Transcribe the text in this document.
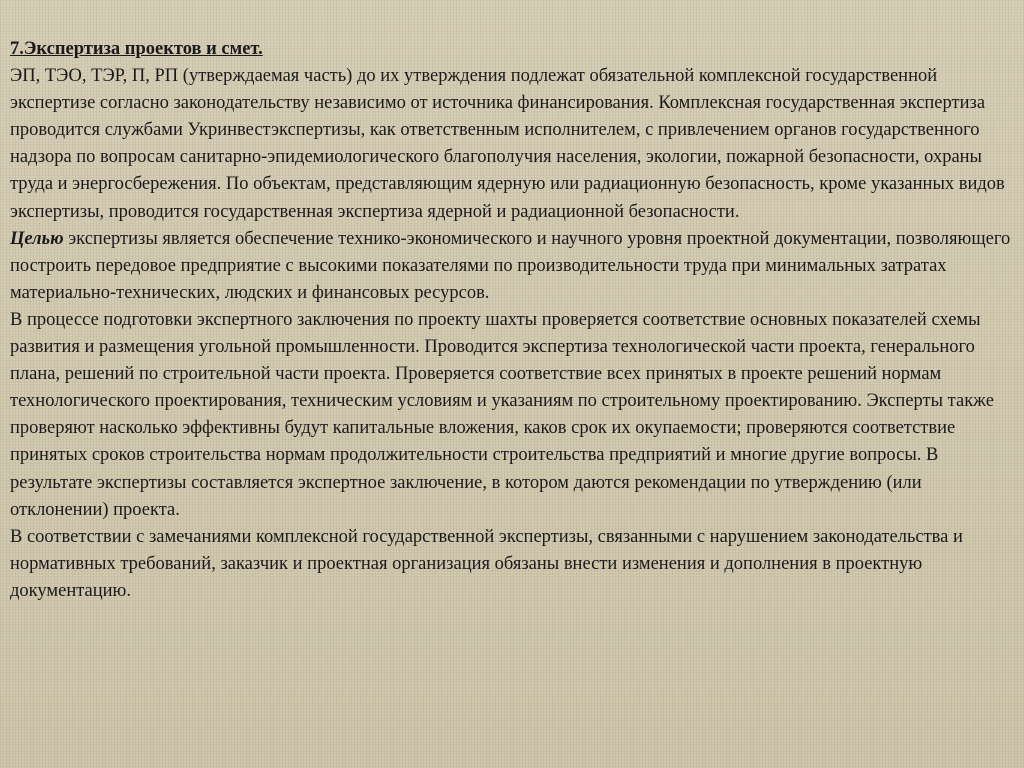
7.Экспертиза проектов и смет.

ЭП, ТЭО, ТЭР, П, РП (утверждаемая часть) до их утверждения подлежат обязательной комплексной государственной экспертизе согласно законодательству независимо от источника финансирования. Комплексная государственная экспертиза проводится службами Укринвестэкспертизы, как ответственным исполнителем, с привлечением органов государственного надзора по вопросам санитарно-эпидемиологического благополучия населения, экологии, пожарной безопасности, охраны труда и энергосбережения. По объектам, представляющим ядерную или радиационную безопасность, кроме указанных видов экспертизы, проводится государственная экспертиза ядерной и радиационной безопасности.

Целью экспертизы является обеспечение технико-экономического и научного уровня проектной документации, позволяющего построить передовое предприятие с высокими показателями по производительности труда при минимальных затратах материально-технических, людских и финансовых ресурсов.

В процессе подготовки экспертного заключения по проекту шахты проверяется соответствие основных показателей схемы развития и размещения угольной промышленности. Проводится экспертиза технологической части проекта, генерального плана, решений по строительной части проекта. Проверяется соответствие всех принятых в проекте решений нормам технологического проектирования, техническим условиям и указаниям по строительному проектированию. Эксперты также проверяют насколько эффективны будут капитальные вложения, каков срок их окупаемости; проверяются соответствие принятых сроков строительства нормам продолжительности строительства предприятий и многие другие вопросы. В результате экспертизы составляется экспертное заключение, в котором даются рекомендации по утверждению (или отклонении) проекта.

В соответствии с замечаниями комплексной государственной экспертизы, связанными с нарушением законодательства и нормативных требований, заказчик и проектная организация обязаны внести изменения и дополнения в проектную документацию.
